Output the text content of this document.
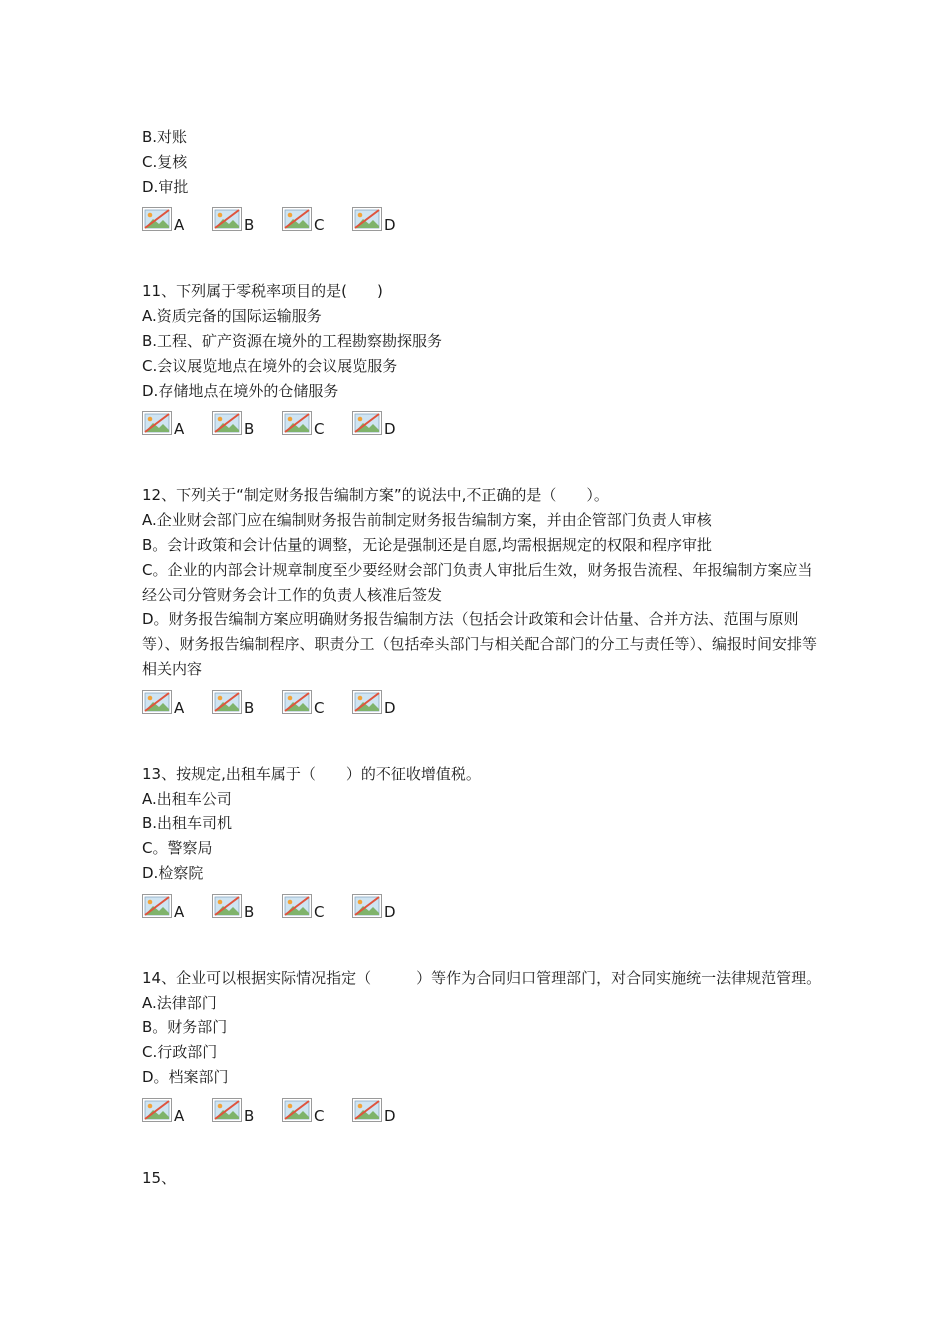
B.对账

C.复核

D.审批

A	B	C	D

11、下列属于零税率项目的是(　　)

A.资质完备的国际运输服务

B.工程、矿产资源在境外的工程勘察勘探服务

C.会议展览地点在境外的会议展览服务

D.存储地点在境外的仓储服务

A	B	C	D

12、下列关于“制定财务报告编制方案”的说法中,不正确的是（　　）。

A.企业财会部门应在编制财务报告前制定财务报告编制方案，并由企管部门负责人审核

B。会计政策和会计估量的调整，无论是强制还是自愿,均需根据规定的权限和程序审批

C。企业的内部会计规章制度至少要经财会部门负责人审批后生效，财务报告流程、年报编制方案应当经公司分管财务会计工作的负责人核准后签发

D。财务报告编制方案应明确财务报告编制方法（包括会计政策和会计估量、合并方法、范围与原则等）、财务报告编制程序、职责分工（包括牵头部门与相关配合部门的分工与责任等）、编报时间安排等相关内容

A	B	C	D

13、按规定,出租车属于（　　）的不征收增值税。

A.出租车公司

B.出租车司机

C。警察局

D.检察院

A	B	C	D

14、企业可以根据实际情况指定（　　　）等作为合同归口管理部门，对合同实施统一法律规范管理。

A.法律部门

B。财务部门

C.行政部门

D。档案部门

A	B	C	D

15、
